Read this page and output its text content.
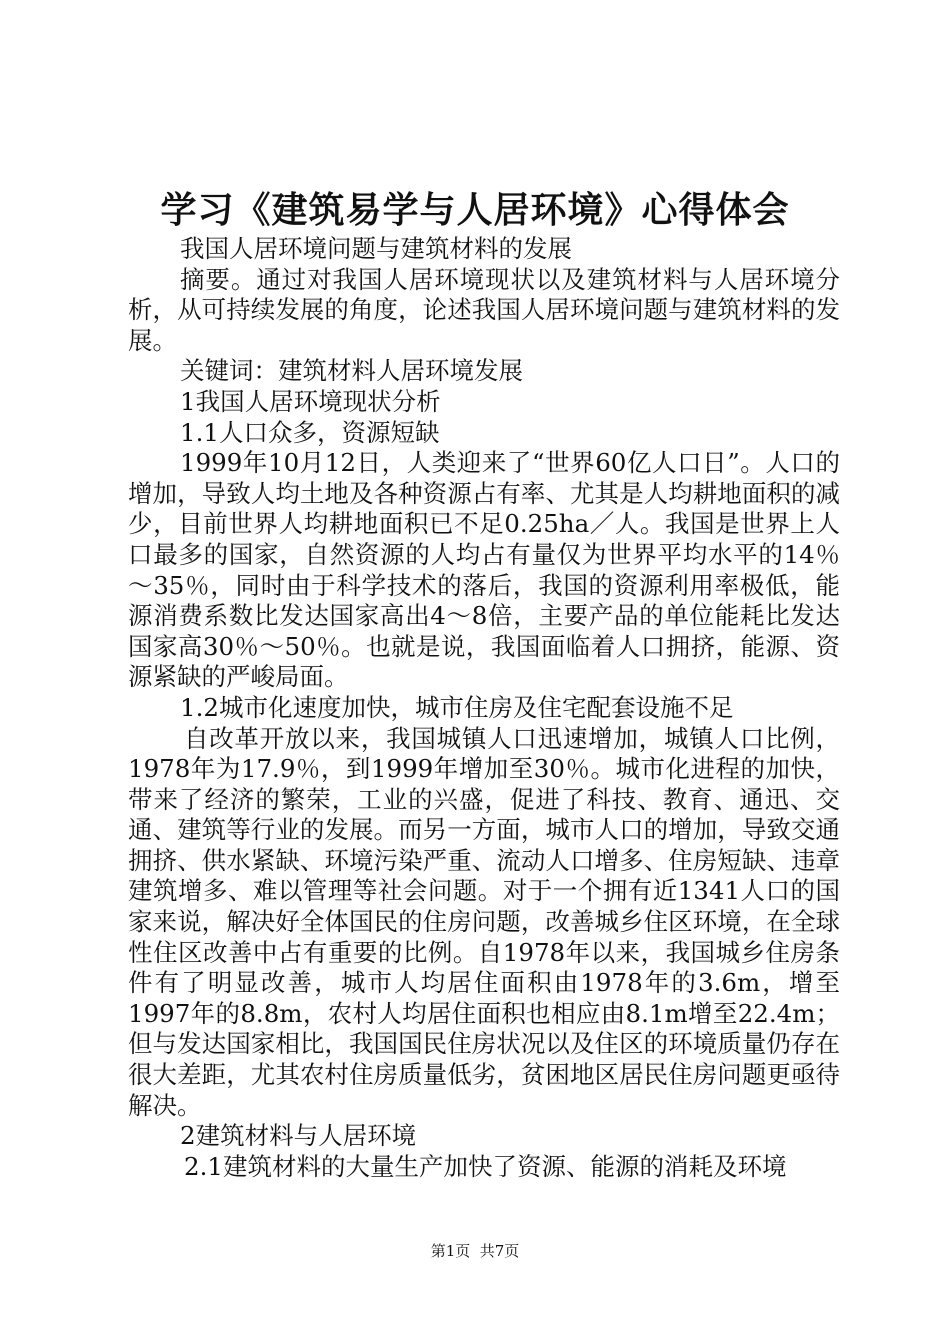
学习《建筑易学与人居环境》心得体会

我国人居环境问题与建筑材料的发展

摘要。通过对我国人居环境现状以及建筑材料与人居环境分析，从可持续发展的角度，论述我国人居环境问题与建筑材料的发展。

关键词：建筑材料人居环境发展

1我国人居环境现状分析

1.1人口众多，资源短缺

1999年10月12日，人类迎来了“世界60亿人口日”。人口的增加，导致人均土地及各种资源占有率、尤其是人均耕地面积的减少，目前世界人均耕地面积已不足0.25ha／人。我国是世界上人口最多的国家，自然资源的人均占有量仅为世界平均水平的14％～35％，同时由于科学技术的落后，我国的资源利用率极低，能源消费系数比发达国家高出4～8倍，主要产品的单位能耗比发达国家高30％～50％。也就是说，我国面临着人口拥挤，能源、资源紧缺的严峻局面。

1.2城市化速度加快，城市住房及住宅配套设施不足

自改革开放以来，我国城镇人口迅速增加，城镇人口比例，1978年为17.9％，到1999年增加至30％。城市化进程的加快，带来了经济的繁荣，工业的兴盛，促进了科技、教育、通迅、交通、建筑等行业的发展。而另一方面，城市人口的增加，导致交通拥挤、供水紧缺、环境污染严重、流动人口增多、住房短缺、违章建筑增多、难以管理等社会问题。对于一个拥有近1341人口的国家来说，解决好全体国民的住房问题，改善城乡住区环境，在全球性住区改善中占有重要的比例。自1978年以来，我国城乡住房条件有了明显改善，城市人均居住面积由1978年的3.6m，增至1997年的8.8m，农村人均居住面积也相应由8.1m增至22.4m；但与发达国家相比，我国国民住房状况以及住区的环境质量仍存在很大差距，尤其农村住房质量低劣，贫困地区居民住房问题更亟待解决。

2建筑材料与人居环境

2.1建筑材料的大量生产加快了资源、能源的消耗及环境

第1页  共7页
